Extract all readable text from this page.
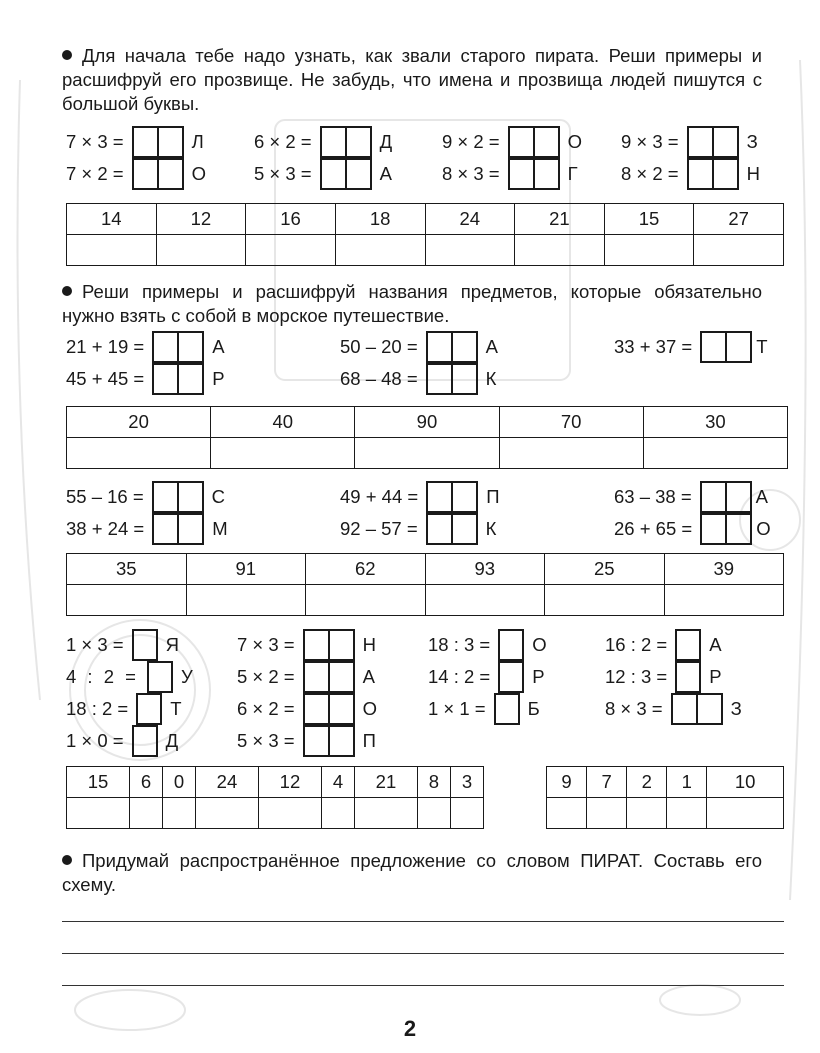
Для начала тебе надо узнать, как звали старого пирата. Реши примеры и расшифруй его прозвище. Не забудь, что имена и прозвища людей пишутся с большой буквы.
7 × 3 =	Л	6 × 2 =	Д	9 × 2 =	О 9 × 3 =	З
7 × 2 =	О	5 × 3 =	А	8 × 3 =	Г	8 × 2 =	Н
14	12	16	18	24	21	15	27

Реши примеры и расшифруй названия предметов, которые обязательно нужно взять с собой в морское путешествие.
21 + 19 =	А	50 – 20 =	А	33 + 37 =	Т
45 + 45 =	Р	68 – 48 =	К
20	40	90	70	30

55 – 16 =	С	49 + 44 =	П	63 – 38 =	А
38 + 24 =	М	92 – 57 =	К	26 + 65 =	О
35	91	62	93	25	39

1 × 3 = Я	7 × 3 =	Н	18 : 3 = О	16 : 2 = А
4 : 2 = У 5 × 2 =	А	14 : 2 = Р	12 : 3 = Р
18 : 2 = Т	6 × 2 =	О	1 × 1 = Б	8 × 3 =	З
1 × 0 = Д	5 × 3 =	П
15	6	0	24	12	4	21	8	3
									9	7	2	1	10

Придумай распространённое предложение со словом ПИРАТ. Составь его схему.
2
